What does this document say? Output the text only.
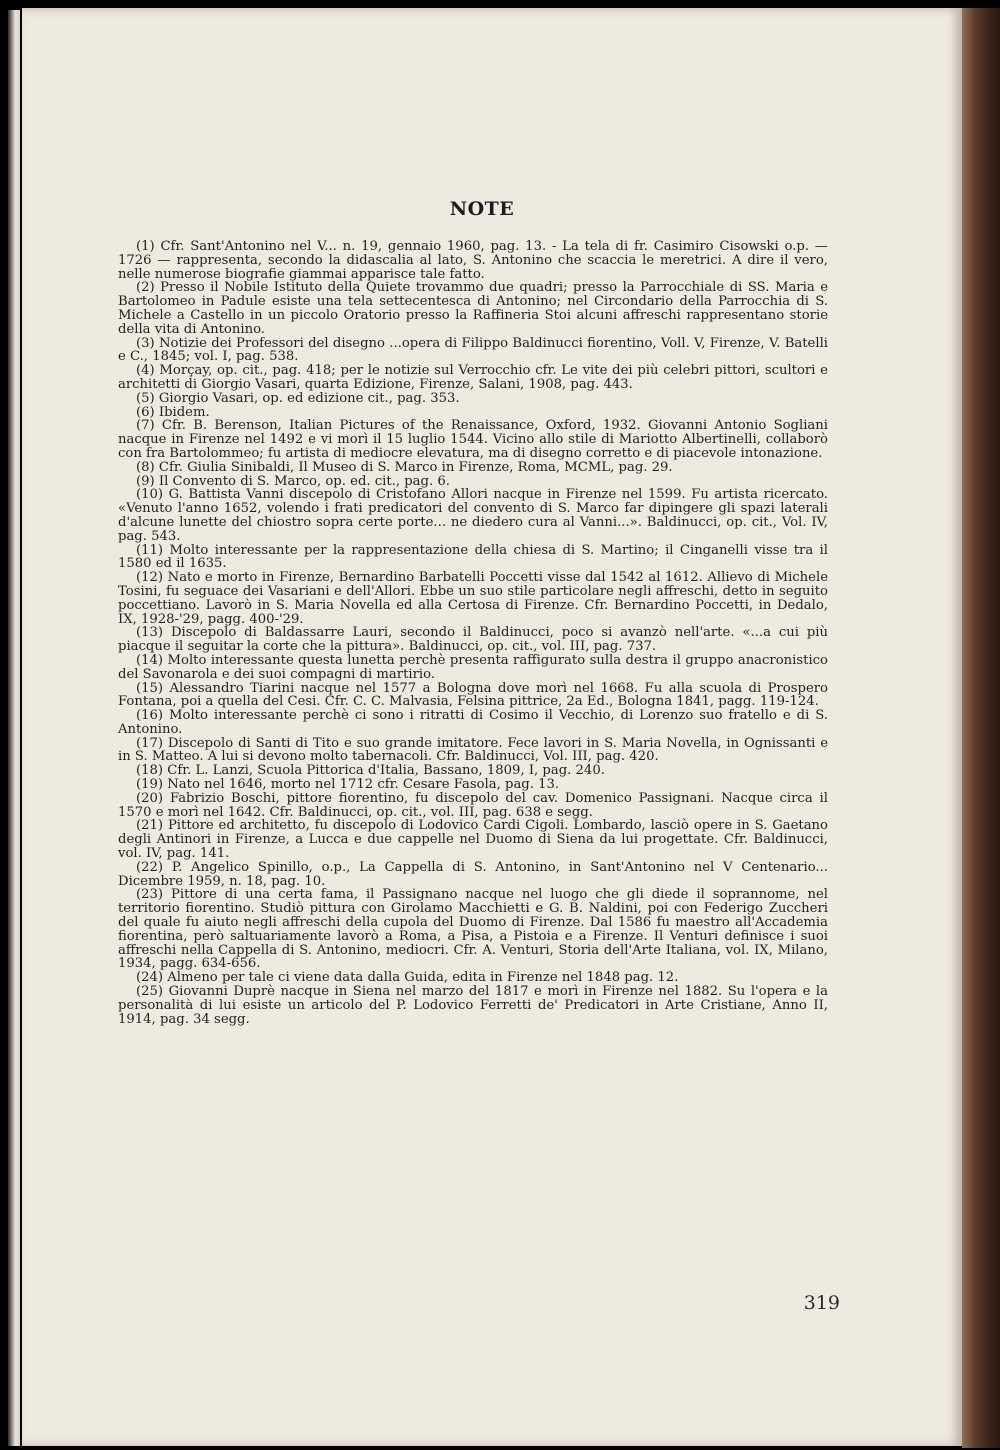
NOTE

(1) Cfr. Sant'Antonino nel V... n. 19, gennaio 1960, pag. 13. - La tela di fr. Casimiro Cisowski o.p. — 1726 — rappresenta, secondo la didascalia al lato, S. Antonino che scaccia le meretrici. A dire il vero, nelle numerose biografie giammai apparisce tale fatto.

(2) Presso il Nobile Istituto della Quiete trovammo due quadri; presso la Parrocchiale di SS. Maria e Bartolomeo in Padule esiste una tela settecentesca di Antonino; nel Circondario della Parrocchia di S. Michele a Castello in un piccolo Oratorio presso la Raffineria Stoi alcuni affreschi rappresentano storie della vita di Antonino.

(3) Notizie dei Professori del disegno ...opera di Filippo Baldinucci fiorentino, Voll. V, Firenze, V. Batelli e C., 1845; vol. I, pag. 538.

(4) Morçay, op. cit., pag. 418; per le notizie sul Verrocchio cfr. Le vite dei più celebri pittori, scultori e architetti di Giorgio Vasari, quarta Edizione, Firenze, Salani, 1908, pag. 443.

(5) Giorgio Vasari, op. ed edizione cit., pag. 353.

(6) Ibidem.

(7) Cfr. B. Berenson, Italian Pictures of the Renaissance, Oxford, 1932. Giovanni Antonio Sogliani nacque in Firenze nel 1492 e vi morì il 15 luglio 1544. Vicino allo stile di Mariotto Albertinelli, collaborò con fra Bartolommeo; fu artista di mediocre elevatura, ma di disegno corretto e di piacevole intonazione.

(8) Cfr. Giulia Sinibaldi, Il Museo di S. Marco in Firenze, Roma, MCML, pag. 29.

(9) Il Convento di S. Marco, op. ed. cit., pag. 6.

(10) G. Battista Vanni discepolo di Cristofano Allori nacque in Firenze nel 1599. Fu artista ricercato. «Venuto l'anno 1652, volendo i frati predicatori del convento di S. Marco far dipingere gli spazi laterali d'alcune lunette del chiostro sopra certe porte... ne diedero cura al Vanni...». Baldinucci, op. cit., Vol. IV, pag. 543.

(11) Molto interessante per la rappresentazione della chiesa di S. Martino; il Cinganelli visse tra il 1580 ed il 1635.

(12) Nato e morto in Firenze, Bernardino Barbatelli Poccetti visse dal 1542 al 1612. Allievo di Michele Tosini, fu seguace dei Vasariani e dell'Allori. Ebbe un suo stile particolare negli affreschi, detto in seguito poccettiano. Lavorò in S. Maria Novella ed alla Certosa di Firenze. Cfr. Bernardino Poccetti, in Dedalo, IX, 1928-'29, pagg. 400-'29.

(13) Discepolo di Baldassarre Lauri, secondo il Baldinucci, poco si avanzò nell'arte. «...a cui più piacque il seguitar la corte che la pittura». Baldinucci, op. cit., vol. III, pag. 737.

(14) Molto interessante questa lunetta perchè presenta raffigurato sulla destra il gruppo anacronistico del Savonarola e dei suoi compagni di martirio.

(15) Alessandro Tiarini nacque nel 1577 a Bologna dove morì nel 1668. Fu alla scuola di Prospero Fontana, poi a quella del Cesi. Cfr. C. C. Malvasia, Felsina pittrice, 2a Ed., Bologna 1841, pagg. 119-124.

(16) Molto interessante perchè ci sono i ritratti di Cosimo il Vecchio, di Lorenzo suo fratello e di S. Antonino.

(17) Discepolo di Santi di Tito e suo grande imitatore. Fece lavori in S. Maria Novella, in Ognissanti e in S. Matteo. A lui si devono molto tabernacoli. Cfr. Baldinucci, Vol. III, pag. 420.

(18) Cfr. L. Lanzi, Scuola Pittorica d'Italia, Bassano, 1809, I, pag. 240.

(19) Nato nel 1646, morto nel 1712 cfr. Cesare Fasola, pag. 13.

(20) Fabrizio Boschi, pittore fiorentino, fu discepolo del cav. Domenico Passignani. Nacque circa il 1570 e morì nel 1642. Cfr. Baldinucci, op. cit., vol. III, pag. 638 e segg.

(21) Pittore ed architetto, fu discepolo di Lodovico Cardi Cigoli. Lombardo, lasciò opere in S. Gaetano degli Antinori in Firenze, a Lucca e due cappelle nel Duomo di Siena da lui progettate. Cfr. Baldinucci, vol. IV, pag. 141.

(22) P. Angelico Spinillo, o.p., La Cappella di S. Antonino, in Sant'Antonino nel V Centenario... Dicembre 1959, n. 18, pag. 10.

(23) Pittore di una certa fama, il Passignano nacque nel luogo che gli diede il soprannome, nel territorio fiorentino. Studiò pittura con Girolamo Macchietti e G. B. Naldini, poi con Federigo Zuccheri del quale fu aiuto negli affreschi della cupola del Duomo di Firenze. Dal 1586 fu maestro all'Accademia fiorentina, però saltuariamente lavorò a Roma, a Pisa, a Pistoia e a Firenze. Il Venturi definisce i suoi affreschi nella Cappella di S. Antonino, mediocri. Cfr. A. Venturi, Storia dell'Arte Italiana, vol. IX, Milano, 1934, pagg. 634-656.

(24) Almeno per tale ci viene data dalla Guida, edita in Firenze nel 1848 pag. 12.

(25) Giovanni Duprè nacque in Siena nel marzo del 1817 e morì in Firenze nel 1882. Su l'opera e la personalità di lui esiste un articolo del P. Lodovico Ferretti de' Predicatori in Arte Cristiane, Anno II, 1914, pag. 34 segg.

319
